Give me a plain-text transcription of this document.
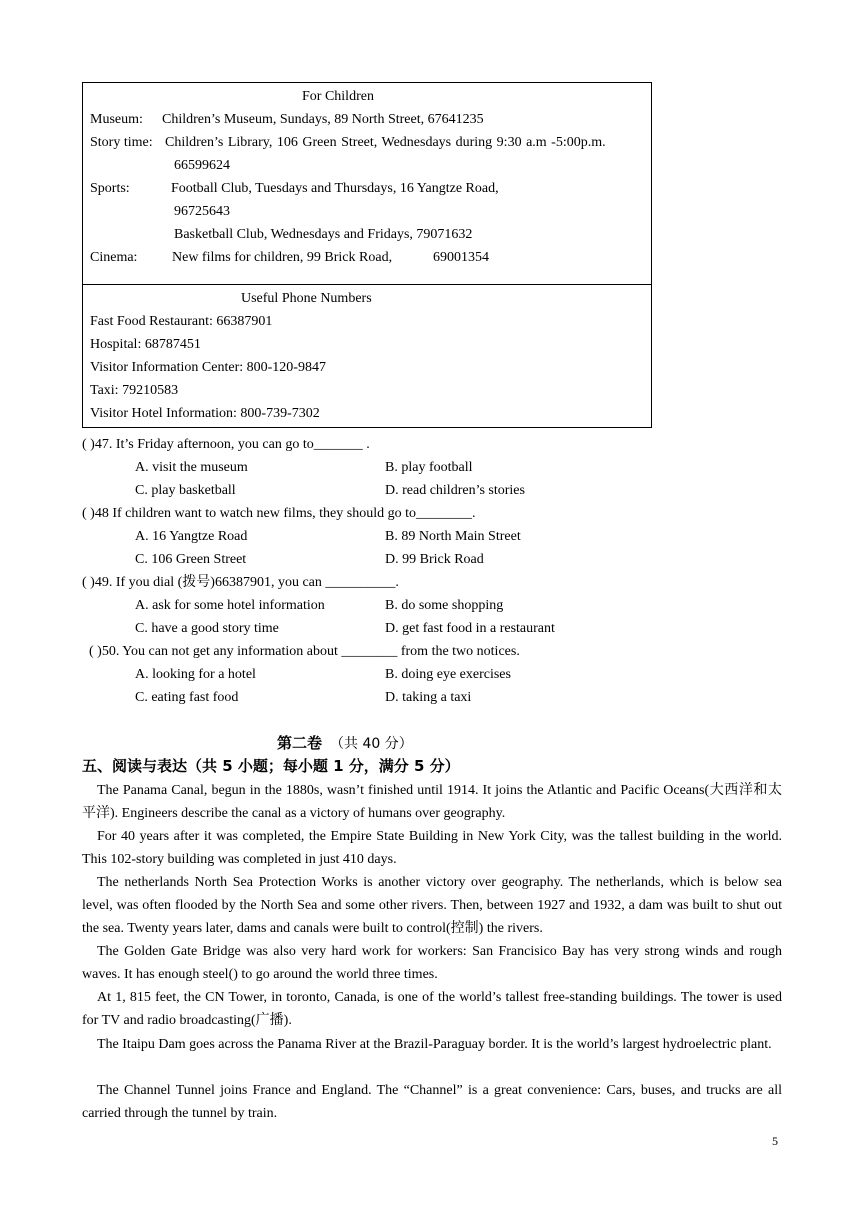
For Children
Museum: Children’s Museum, Sundays, 89 North Street, 67641235
Story time: Children’s Library, 106 Green Street, Wednesdays during 9:30 a.m -5:00p.m.
66599624
Sports:	Football Club, Tuesdays and Thursdays, 16 Yangtze Road,
96725643
Basketball Club, Wednesdays and Fridays, 79071632
Cinema: New films for children, 99 Brick Road,	69001354
Useful Phone Numbers
Fast Food Restaurant: 66387901
Hospital: 68787451
Visitor Information Center: 800-120-9847
Taxi: 79210583
Visitor Hotel Information: 800-739-7302
( )47. It’s Friday afternoon, you can go to_______ .
A. visit the museum	B. play football
C. play basketball	D. read children’s stories
( )48 If children want to watch new films, they should go to________.
A. 16 Yangtze Road	B. 89 North Main Street
C. 106 Green Street	D. 99 Brick Road
( )49. If you dial (拨号)66387901, you can __________.
A. ask for some hotel information	B. do some shopping
C. have a good story time	D. get fast food in a restaurant
( )50. You can not get any information about ________ from the two notices.
A. looking for a hotel	B. doing eye exercises
C. eating fast food	D. taking a taxi
第二卷 （共 40 分）
五、阅读与表达（共 5 小题；每小题 1 分，满分 5 分）
The Panama Canal, begun in the 1880s, wasn’t finished until 1914. It joins the Atlantic and Pacific Oceans(大西洋和太平洋). Engineers describe the canal as a victory of humans over geography.
For 40 years after it was completed, the Empire State Building in New York City, was the tallest building in the world. This 102-story building was completed in just 410 days.
The netherlands North Sea Protection Works is another victory over geography. The netherlands, which is below sea level, was often flooded by the North Sea and some other rivers. Then, between 1927 and 1932, a dam was built to shut out the sea. Twenty years later, dams and canals were built to control(控制) the rivers.
The Golden Gate Bridge was also very hard work for workers: San Francisico Bay has very strong winds and rough waves. It has enough steel() to go around the world three times.
At 1, 815 feet, the CN Tower, in toronto, Canada, is one of the world’s tallest free-standing buildings. The tower is used for TV and radio broadcasting(广播).
The Itaipu Dam goes across the Panama River at the Brazil-Paraguay border. It is the world’s largest hydroelectric plant.
The Channel Tunnel joins France and England. The “Channel” is a great convenience: Cars, buses, and trucks are all carried through the tunnel by train.
5
